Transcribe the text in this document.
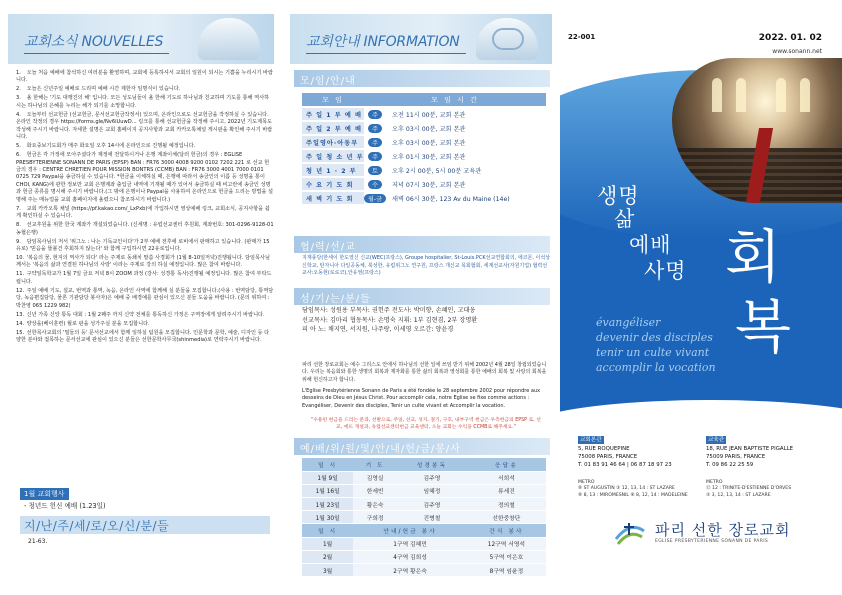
교회소식 NOUVELLES

1. 오늘 처음 예배에 참석하신 여러분을 환영하며, 교회에 등록하셔서 교회의 일원이 되시는 기쁨을 누리시기 바랍니다.

2. 오늘은 신년주일 예배로 드리며 예배 시간 제한자 임명식이 있습니다.

3. 올 한해는 '기도 대행진의 해' 입니다. 모든 성도님들이 올 한해 기도로 하나님과 친교하며 기도를 통해 역사하시는 하나님의 은혜를 누리는 해가 되기를 소망합니다.

4. 오늘부터 선교헌금 (선교헌금, 문서선교헌금작정서) 있으며, 온라인으로도 선교헌금을 작정하실 수 있습니다. 온라인 작정의 경우 https://forms.gle/Nv6iUuwD... 링크를 통해 선교헌금을 작정해 주시고, 2022년 기도제목도 작성해 주시기 바랍니다. 자세한 설명은 교회 홈페이지 공지사항과 교회 카카오톡채널 게시판을 확인해 주시기 바랍니다.

5. 화요중보기도회가 매주 화요일 오후 14시에 온라인으로 진행될 예정입니다.

6. 헌금은 각 가정에 모아주셨다가 제정에 전달하시거나 은행 계좌이체(달러 헌금)의 경우 : EGLISE PRESBYTERIENNE SONANN DE PARIS (EPSP) BAN : FR76 3000 4008 9200 0102 7202 221 로 선교 헌금의 경우 : CENTRE CHRETIEN POUR MISSION BONTRS (CCMB) BAN : FR76 3000 4001 7000 0101 0725 729 Paypal을 송금하실 수 있습니다. *헌금을 이체하실 때, 은행에 따라서 송금인의 이름 등 성명을 통이 CHOI, KANG)에 관한 정보만 교회 은행계좌 출입금 내역에 기재될 때가 있어서 송금하실 때 비고란에 송금인 성명과 헌금 종류를 명시해 주시기 바랍니다.(그 밖에 은행이나 Paypal을 사용하여 온라인으로 헌금을 드리는 방법을 설명해 주는 매뉴얼을 교회 홈페이지에 올렸으니 참조하시기 바랍니다.)

7. 교회 카카오톡 채널 (https://pf.kakao.com/_LxPxb)에 가입하시면 영상예배 링크, 교회소식, 공지사항을 쉽게 확인하실 수 있습니다.

8. 선교후원을 위한 한국 계좌가 개설되었습니다. (신세명 : 유럽선교센터 후원회, 계좌번호: 301-0296-9128-01 농협은행)

9. 담임목사님의 저서 '위그노 : 나는 기독교인이다'가 2부 예배 전후에 로비에서 판매하고 있습니다. (판매가 15유로) '믿음을 뜰볼건 후회하지 않는다' 와 함께 구입하시면 22유로입니다.

10. '복음의 물, 현지의 역사가 되다' 라는 주제로 동쇄치 말씀 사경회가 (1월 8-10일저녁)진행됩니다. 담임목사님께서는 '복음의 삶과 연결된 하나님의 사랑' 이라는 주제로 강의 하실 예정입니다. 많은 참여 바랍니다.

11. 구약일독학교가 1월 7일 금요 저녁 8시 ZOOM 과정 (강사: 성경통 독사)진행될 예정입니다. 많은 참여 부탁드립니다.

12. 주일 예배 기도, 설교, 번역과 통역, 녹음, 온라인 사역에 함께해 실 분들을 모집합니다.(사용 : 번역담당, 통역담당, 녹음편집담당, 물론 기관담당 봉사자)은 예배 중 배경예를 관심이 있으신 분들 도움을 바랍니다. (문의 위하여 : 박찬영 065 1229 982)

13. 신년 가족 신앙 통독 대회 : 1월 2째주 까지 신약 전체를 통독하신 가정은 구역장에게 알려주시기 바랍니다.

14. 양상을(베이훈련) 월로 판을 성가주실 분을 모집합니다.

15. 선한목사교회의 '밀들의 등' 문서선교에서 함께 일하실 팀원을 모집합니다. 인문학과 문학, 예술, 디자인 등 다양한 분야와 접목하는 문서선교에 관심이 있으신 분들은 선한문학사무국(shinmedia)로 연락주시기 바랍니다.

1월 교회행사
- 청년드 헌신 예배 (1.23일)
지/난/주/세/로/오/신/분/들
21-63.
교회안내 INFORMATION
모/임/안/내
모 임	모 임 시 간	
주 일 1 부 예 배	주	오전 11시 00분, 교회 본관
주 일 2 부 예 배	주	오후 03시 00분, 교회 본관
주일영아·아동부	주	오후 03시 00분, 교회 본관
주 일 청 소 년 부	주	오후 01시 30분, 교회 본관
청 년 1 · 2 부	토	오후 2시 00분, 5시 00분 교육관
수 요 기 도 회	수	저녁 07시 30분, 교회 본관
새 벽 기 도 회	월-금	새벽 06시 30분, 123 Av du Maine (14e)
협/력/선/교
지재풍당(한세이 한도열신 신교(WEC)프랑스), Groupe hospitalier, St-Louis.PCK선교연합회의, 에코몬, 이석상 신학교, 탄자니아 다일공동체, 북성한, 유럽위그노 연구원, 프랑스 개신교 목회협회, 세계선교사(자원기업) 협력선교사:오동현(로로코),안유영(프랑스)
섬/기/는/분/들
담임목사: 성원용 부목사: 권헌주 전도사: 박미향, 손혜인, 고대웅
선교목사: 김마리 협동목사: 손명숙 지휘: 1부 김현겸, 2부 장명환
피 아 노: 채지연, 서지원, 나주랑, 이세영 오르간: 양윤경
파리 선한 장로교회는 예수 그리스도 안에서 하나님의 선한 일에 쓰임 받기 위해 2002년 4월 28일 창립되었습니다. 우리는 복음회와 통한 생명의 회복과 제자화를 통한 삶의 회복과 영성회를 통한 예배의 회복 및 사랑의 회복을 위해 헌신하고자 합니다.
L'Eglise Presbytérienne Sonann de Paris a été fondée le 28 septembre 2002 pour répondre aux desseins de Dieu en Jésus Christ. Pour accomplir cela, notre Eglise se fixe comme actions : Evangéliser, Devenir des disciples, Tenir un culte vivant et Accomplir la vocation.
"수용된 헌금을 드리는 분과, 선발으로, 주일, 선교, 성지, 절기, 구호, 내부구역 헌금은 우측헌금의 EPSP 로, 선교, 에뜨 개설과, 유럽선교센터헌금 교육센터, 오늘 교회는 수익을 CCMB로 해주세요."
예/배/위/원/및/안/내/헌/금/봉/사
일 시	기 도	성경봉독	응답송
1월 9일	김영실	김주영	서희석
1월 16일	한세빈	임혜정	류세진
1월 23일	황은숙	김주영	정의철
1월 30일	구희정	진병철	선한중창단
일 시	안내/헌금 봉사		간식 봉사
1월	1구역 김혜민		12구역 서영석
2월	4구역 김희성		5구역 이은호
3월	2구역 황은숙		8구역 임윤정
22-001	2022. 01. 02
www.sonann.net
생명
삶
예배
사명 회
복
évangéliser
devenir des disciples
tenir un culte vivant
accomplir la vocation
교회본관
5, RUE ROQUEPINE
75008 PARIS, FRANCE
T. 01 83 91 46 64 | 06 87 18 97 23
METRO
⑨ ST AUGUSTIN ③ 12, 13, 14 : ST LAZARE
⑨ 8, 13 : MIROMESNIL ⑧ 8, 12, 14 : MADELEINE
교육관
18, RUE JEAN BAPTISTE PIGALLE
75009 PARIS, FRANCE
T. 09 86 22 25 59
METRO
⑫ 12 : TRINITE-D'ESTIENNE D'ORVES
③ 3, 12, 13, 14 : ST LAZARE
파리 선한 장로교회
EGLISE PRESBYTERIENNE SONANN DE PARIS
